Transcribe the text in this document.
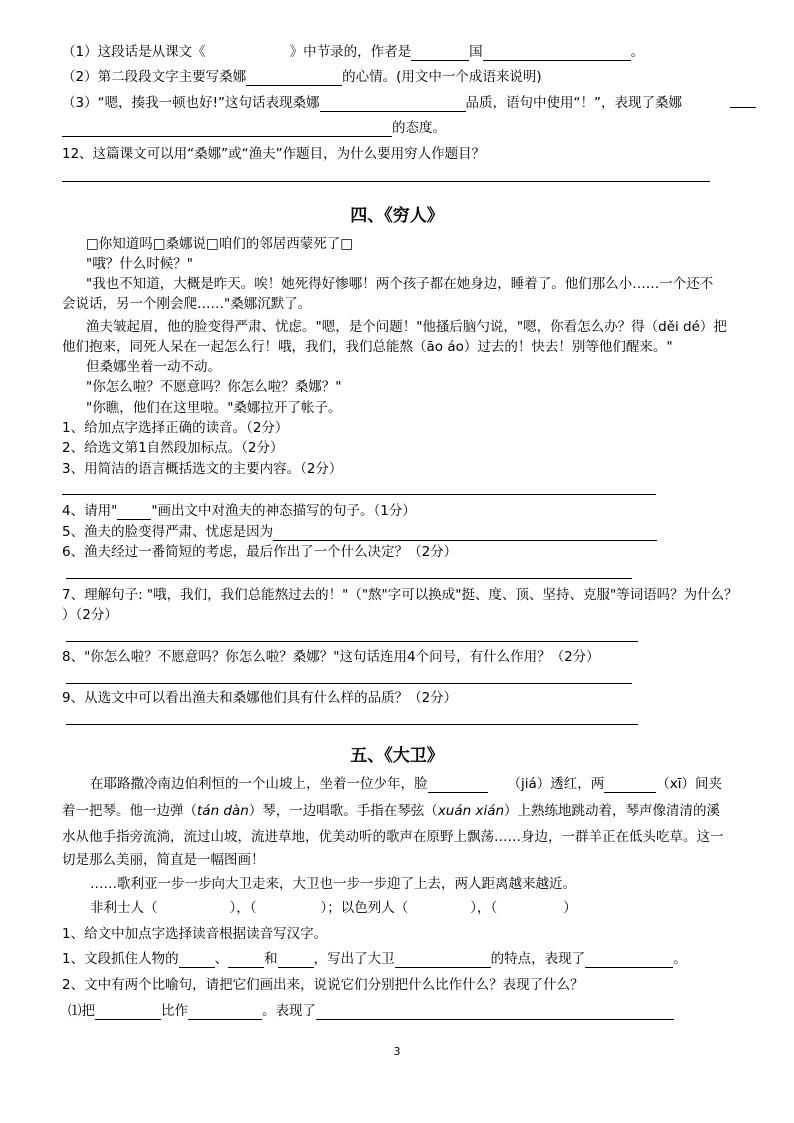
（1）这段话是从课文《	》中节录的，作者是	国	。
（2）第二段段文字主要写桑娜	的心情。(用文中一个成语来说明)
（3）“嗯，揍我一顿也好!”这句话表现桑娜	品质，语句中使用“！”，表现了桑娜
的态度。
12、这篇课文可以用“桑娜”或“渔夫”作题目，为什么要用穷人作题目？
四、《穷人》
□你知道吗□桑娜说□咱们的邻居西蒙死了□
"哦？什么时候？"
"我也不知道，大概是昨天。唉！她死得好惨哪！两个孩子都在她身边，睡着了。他们那么小……一个还不
会说话，另一个刚会爬……"桑娜沉默了。
渔夫皱起眉，他的脸变得严肃、忧虑。"嗯，是个问题！"他搔后脑勺说，"嗯，你看怎么办？得（děi dé）把
他们抱来，同死人呆在一起怎么行！哦，我们，我们总能熬（āo áo）过去的！快去！别等他们醒来。"
但桑娜坐着一动不动。
"你怎么啦？不愿意吗？你怎么啦？桑娜？"
"你瞧，他们在这里啦。"桑娜拉开了帐子。
1、给加点字选择正确的读音。（2分）
2、给选文第1自然段加标点。（2分）
3、用简洁的语言概括选文的主要内容。（2分）
4、请用"	"画出文中对渔夫的神态描写的句子。（1分）
5、渔夫的脸变得严肃、忧虑是因为
6、渔夫经过一番简短的考虑，最后作出了一个什么决定？（2分）
7、理解句子: "哦，我们，我们总能熬过去的！"（"熬"字可以换成"挺、度、顶、坚持、克服"等词语吗？为什么？
）（2分）
8、"你怎么啦？不愿意吗？你怎么啦？桑娜？"这句话连用4个问号，有什么作用？（2分）
9、从选文中可以看出渔夫和桑娜他们具有什么样的品质？（2分）
五、《大卫》
在耶路撒冷南边伯利恒的一个山坡上，坐着一位少年，脸	（jiá）透红，两	（xī）间夹
着一把琴。他一边弹（tán dàn）琴，一边唱歌。手指在琴弦（xuán xián）上熟练地跳动着，琴声像清清的溪
水从他手指旁流淌，流过山坡，流进草地，优美动听的歌声在原野上飘荡……身边，一群羊正在低头吃草。这一
切是那么美丽，简直是一幅图画！
……歌利亚一步一步向大卫走来，大卫也一步一步迎了上去，两人距离越来越近。
非利士人（	），（	）；以色列人（	），（	）
1、给文中加点字选择读音根据读音写汉字。
1、文段抓住人物的	、	和	，写出了大卫	的特点，表现了	。
2、文中有两个比喻句，请把它们画出来，说说它们分别把什么比作什么？表现了什么？
⑴把	比作	。表现了
3
